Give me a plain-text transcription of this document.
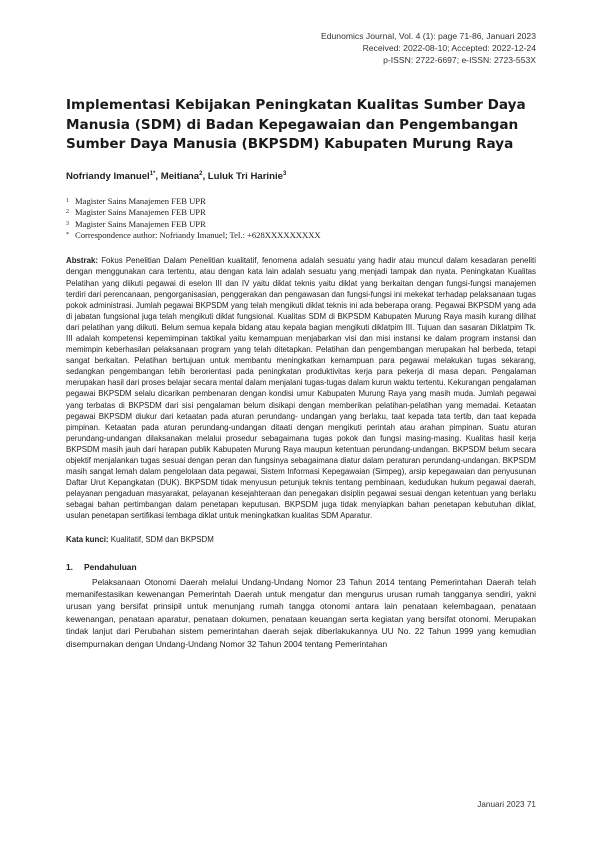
Edunomics Journal, Vol. 4 (1): page 71-86, Januari 2023
Received: 2022-08-10; Accepted: 2022-12-24
p-ISSN: 2722-6697; e-ISSN: 2723-553X
Implementasi Kebijakan Peningkatan Kualitas Sumber Daya Manusia (SDM) di Badan Kepegawaian dan Pengembangan Sumber Daya Manusia (BKPSDM) Kabupaten Murung Raya
Nofriandy Imanuel$^{1*}$, Meitiana$^2$, Luluk Tri Harinie$^3$
1 Magister Sains Manajemen FEB UPR
2 Magister Sains Manajemen FEB UPR
3 Magister Sains Manajemen FEB UPR
* Correspondence author: Nofriandy Imanuel; Tel.: +628XXXXXXXXX
Abstrak: Fokus Penelitian Dalam Penelitian kualitatif, fenomena adalah sesuatu yang hadir atau muncul dalam kesadaran peneliti dengan menggunakan cara tertentu, atau dengan kata lain adalah sesuatu yang menjadi tampak dan nyata. Peningkatan Kualitas Pelatihan yang diikuti pegawai di eselon III dan IV yaitu diklat teknis yaitu diklat yang berkaitan dengan fungsi-fungsi manajemen terdiri dari perencanaan, pengorganisasian, penggerakan dan pengawasan dan fungsi-fungsi ini mekekat terhadap pelaksanaan tugas pokok administrasi. Jumlah pegawai BKPSDM yang telah mengikuti diklat teknis ini ada beberapa orang. Pegawai BKPSDM yang ada di jabatan fungsional juga telah mengikuti diklat fungsional. Kualitas SDM di BKPSDM Kabupaten Murung Raya masih kurang dilihat dari pelatihan yang diikuti. Belum semua kepala bidang atau kepala bagian mengikuti diklatpim III. Tujuan dan sasaran Diklatpim Tk. III adalah kompetensi kepemimpinan taktikal yaitu kemampuan menjabarkan visi dan misi instansi ke dalam program instansi dan memimpin keberhasilan pelaksanaan program yang telah ditetapkan. Pelatihan dan pengembangan merupakan hal berbeda, tetapi sangat berkaitan. Pelatihan bertujuan untuk membantu meningkatkan kemampuan para pegawai melakukan tugas sekarang, sedangkan pengembangan lebih berorientasi pada peningkatan produktivitas kerja para pekerja di masa depan. Pengalaman merupakan hasil dari proses belajar secara mental dalam menjalani tugas-tugas dalam kurun waktu tertentu. Kekurangan pengalaman pegawai BKPSDM selalu dicarikan pembenaran dengan kondisi umur Kabupaten Murung Raya yang masih muda. Jumlah pegawai yang terbatas di BKPSDM dari sisi pengalaman belum disikapi dengan memberikan pelatihan-pelatihan yang memadai. Ketaatan pegawai BKPSDM diukur dari ketaatan pada aturan perundang- undangan yang berlaku, taat kepada tata tertib, dan taat kepada pimpinan. Ketaatan pada aturan perundang-undangan ditaati dengan mengikuti perintah atau arahan pimpinan. Suatu aturan perundang-undangan dilaksanakan melalui prosedur sebagaimana tugas pokok dan fungsi masing-masing. Kualitas hasil kerja BKPSDM masih jauh dari harapan publik Kabupaten Murung Raya maupun ketentuan perundang-undangan. BKPSDM belum secara objektif menjalankan tugas sesuai dengan peran dan fungsinya sebagaimana diatur dalam peraturan perundang-undangan. BKPSDM masih sangat lemah dalam pengelolaan data pegawai, Sistem Informasi Kepegawaian (Simpeg), arsip kepegawaian dan penyusunan Daftar Urut Kepangkatan (DUK). BKPSDM tidak menyusun petunjuk teknis tentang pembinaan, kedudukan hukum pegawai daerah, pelayanan pengaduan masyarakat, pelayanan kesejahteraan dan penegakan disiplin pegawai sesuai dengan ketentuan yang berlaku sebagai bahan pertimbangan dalam penetapan keputusan. BKPSDM juga tidak menyiapkan bahan penetapan kebutuhan diklat, usulan penetapan sertifikasi lembaga diklat untuk meningkatkan kualitas SDM Aparatur.
Kata kunci: Kualitatif, SDM dan BKPSDM
1. Pendahuluan

Pelaksanaan Otonomi Daerah melalui Undang-Undang Nomor 23 Tahun 2014 tentang Pemerintahan Daerah telah memanifestasikan kewenangan Pemerintah Daerah untuk mengatur dan mengurus urusan rumah tangganya sendiri, yakni urusan yang bersifat prinsipil untuk menunjang rumah tangga otonomi antara lain penataan kelembagaan, penataan kewenangan, penataan aparatur, penataan dokumen, penataan keuangan serta kegiatan yang bersifat otonomi. Merupakan tindak lanjut dari Perubahan sistem pemerintahan daerah sejak diberlakukannya UU No. 22 Tahun 1999 yang kemudian disempurnakan dengan Undang-Undang Nomor 32 Tahun 2004 tentang Pemerintahan

Januari 2023 71
